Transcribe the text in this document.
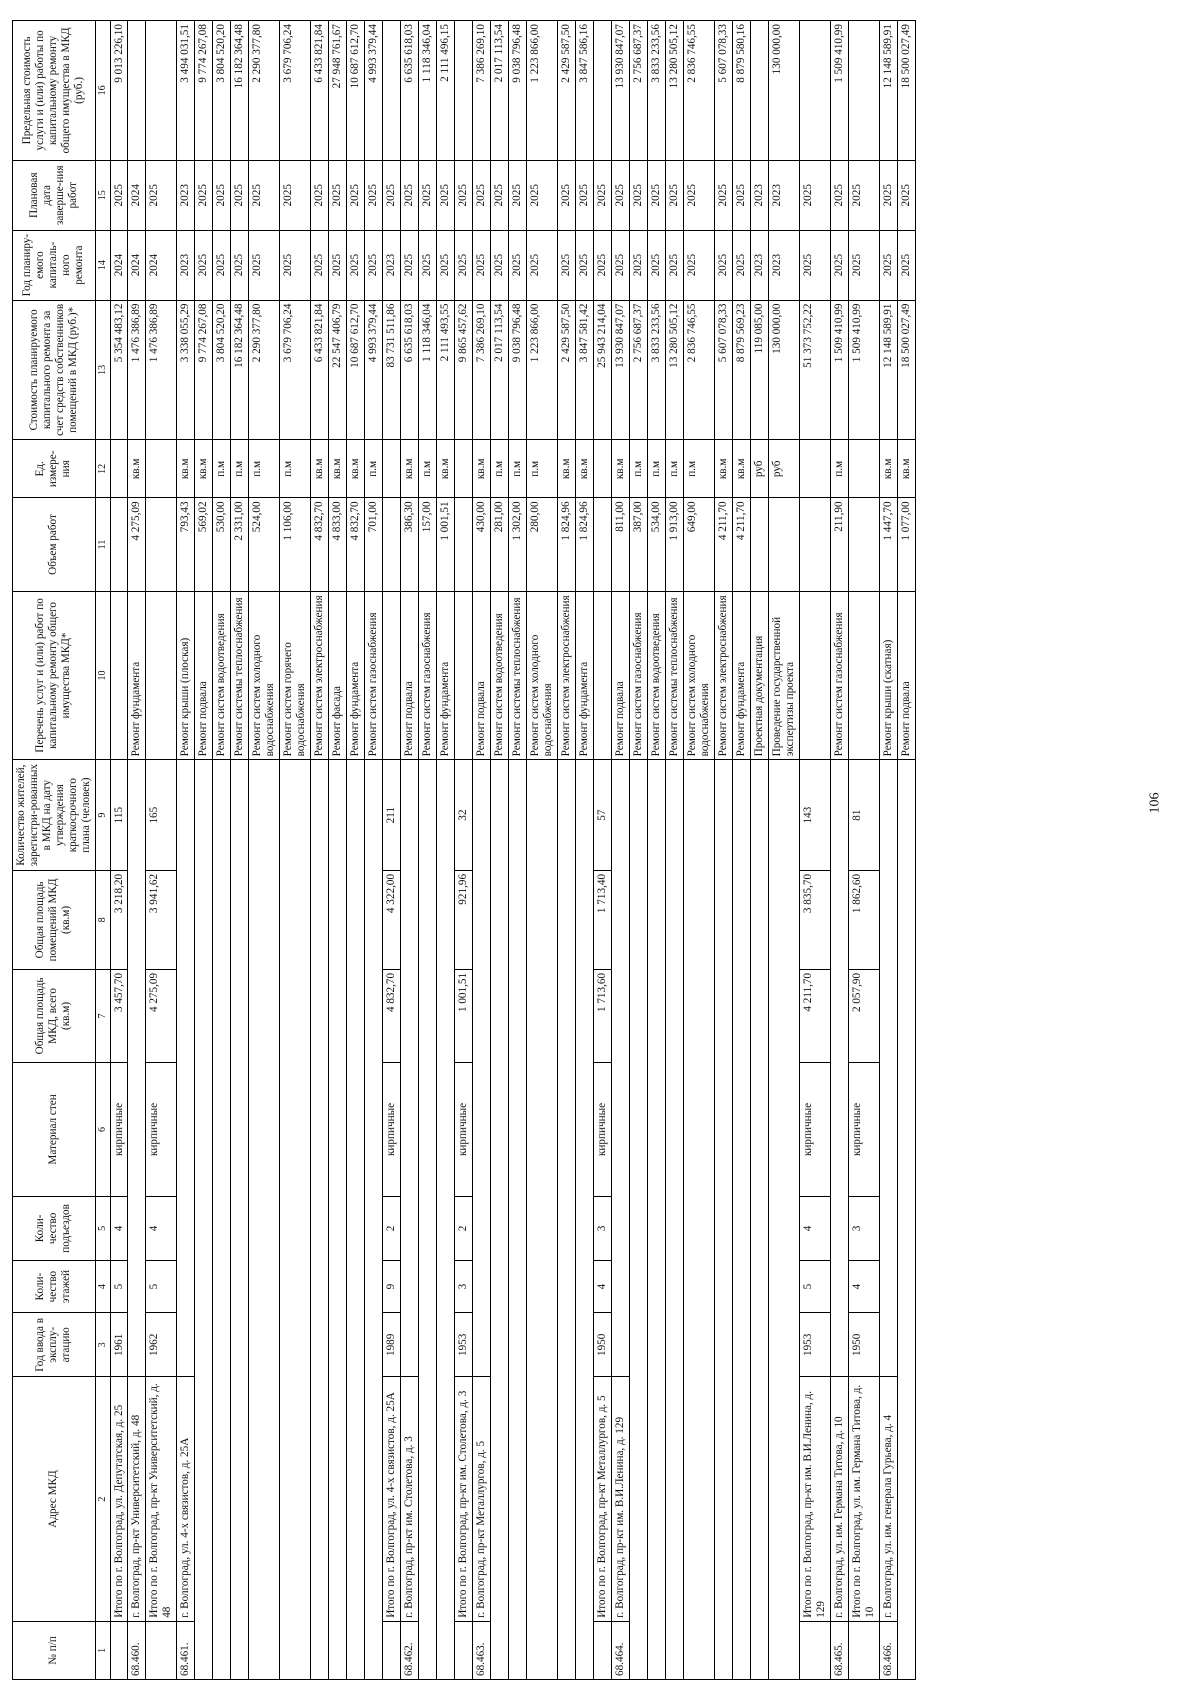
106
№ п/п	Адрес МКД	Год ввода в эксплу-атацию	Коли-чество этажей	Коли-чество подъездов	Материал стен	Общая площадь МКД, всего (кв.м)	Общая площадь помещений МКД (кв.м)	Количество жителей, зарегистри-рованных в МКД на дату утверждения краткосрочного плана (человек)	Перечень услуг и (или) работ по капитальному ремонту общего имущества МКД*	Объем работ	Ед. измере-ния	Стоимость планируемого капитального ремонта за счет средств собственников помещений в МКД (руб.)*	Год планиру-емого капиталь-ного ремонта	Плановая дата заверше-ния работ	Предельная стоимость услуги и (или) работы по капитальному ремонту общего имущества в МКД (руб.)
1	2	3	4	5	6	7	8	9	10	11	12	13	14	15	16
	Итого по г. Волгоград, ул. Депутатская, д. 25	1961	5	4	кирпичные	3 457,70	3 218,20	115				5 354 483,12	2024	2025	9 013 226,10
68.460.	г. Волгоград, пр-кт Университетский, д. 48								Ремонт фундамента	4 275,09	кв.м	1 476 386,89	2024	2024	
	Итого по г. Волгоград, пр-кт Университетский, д. 48	1962	5	4	кирпичные	4 275,09	3 941,62	165				1 476 386,89	2024	2025	
68.461.	г. Волгоград, ул. 4-х связистов, д. 25А								Ремонт крыши (плоская)	793,43	кв.м	3 338 055,29	2023	2023	3 494 031,51
									Ремонт подвала	569,02	кв.м	9 774 267,08	2025	2025	9 774 267,08
									Ремонт систем водоотведения	530,00	п.м	3 804 520,20	2025	2025	3 804 520,20
									Ремонт системы теплоснабжения	2 331,00	п.м	16 182 364,48	2025	2025	16 182 364,48
									Ремонт систем холодного водоснабжения	524,00	п.м	2 290 377,80	2025	2025	2 290 377,80
									Ремонт систем горячего водоснабжения	1 106,00	п.м	3 679 706,24	2025	2025	3 679 706,24
									Ремонт систем электроснабжения	4 832,70	кв.м	6 433 821,84	2025	2025	6 433 821,84
									Ремонт фасада	4 833,00	кв.м	22 547 406,79	2025	2025	27 948 761,67
									Ремонт фундамента	4 832,70	кв.м	10 687 612,70	2025	2025	10 687 612,70
									Ремонт систем газоснабжения	701,00	п.м	4 993 379,44	2025	2025	4 993 379,44
	Итого по г. Волгоград, ул. 4-х связистов, д. 25А	1989	9	2	кирпичные	4 832,70	4 322,00	211				83 731 511,86	2023	2025	
68.462.	г. Волгоград, пр-кт им. Столетова, д. 3								Ремонт подвала	386,30	кв.м	6 635 618,03	2025	2025	6 635 618,03
									Ремонт систем газоснабжения	157,00	п.м	1 118 346,04	2025	2025	1 118 346,04
									Ремонт фундамента	1 001,51	кв.м	2 111 493,55	2025	2025	2 111 496,15
	Итого по г. Волгоград, пр-кт им. Столетова, д. 3	1953	3	2	кирпичные	1 001,51	921,96	32				9 865 457,62	2025	2025	
68.463.	г. Волгоград, пр-кт Металлургов, д. 5								Ремонт подвала	430,00	кв.м	7 386 269,10	2025	2025	7 386 269,10
									Ремонт систем водоотведения	281,00	п.м	2 017 113,54	2025	2025	2 017 113,54
									Ремонт системы теплоснабжения	1 302,00	п.м	9 038 796,48	2025	2025	9 038 796,48
									Ремонт систем холодного водоснабжения	280,00	п.м	1 223 866,00	2025	2025	1 223 866,00
									Ремонт систем электроснабжения	1 824,96	кв.м	2 429 587,50	2025	2025	2 429 587,50
									Ремонт фундамента	1 824,96	кв.м	3 847 581,42	2025	2025	3 847 586,16
	Итого по г. Волгоград, пр-кт Металлургов, д. 5	1950	4	3	кирпичные	1 713,60	1 713,40	57				25 943 214,04	2025	2025	
68.464.	г. Волгоград, пр-кт им. В.И.Ленина, д. 129								Ремонт подвала	811,00	кв.м	13 930 847,07	2025	2025	13 930 847,07
									Ремонт систем газоснабжения	387,00	п.м	2 756 687,37	2025	2025	2 756 687,37
									Ремонт систем водоотведения	534,00	п.м	3 833 233,56	2025	2025	3 833 233,56
									Ремонт системы теплоснабжения	1 913,00	п.м	13 280 505,12	2025	2025	13 280 505,12
									Ремонт систем холодного водоснабжения	649,00	п.м	2 836 746,55	2025	2025	2 836 746,55
									Ремонт систем электроснабжения	4 211,70	кв.м	5 607 078,33	2025	2025	5 607 078,33
									Ремонт фундамента	4 211,70	кв.м	8 879 569,23	2025	2025	8 879 580,16
									Проектная документация		руб	119 085,00	2023	2023	
									Проведение государственной экспертизы проекта		руб	130 000,00	2023	2023	130 000,00
	Итого по г. Волгоград, пр-кт им. В.И.Ленина, д. 129	1953	5	4	кирпичные	4 211,70	3 835,70	143				51 373 752,22	2025	2025	
68.465.	г. Волгоград, ул. им. Германа Титова, д. 10								Ремонт систем газоснабжения	211,90	п.м	1 509 410,99	2025	2025	1 509 410,99
	Итого по г. Волгоград, ул. им. Германа Титова, д. 10	1950	4	3	кирпичные	2 057,90	1 862,60	81				1 509 410,99	2025	2025	
68.466.	г. Волгоград, ул. им. генерала Гурьева, д. 4								Ремонт крыши (скатная)	1 447,70	кв.м	12 148 589,91	2025	2025	12 148 589,91
									Ремонт подвала	1 077,00	кв.м	18 500 027,49	2025	2025	18 500 027,49
